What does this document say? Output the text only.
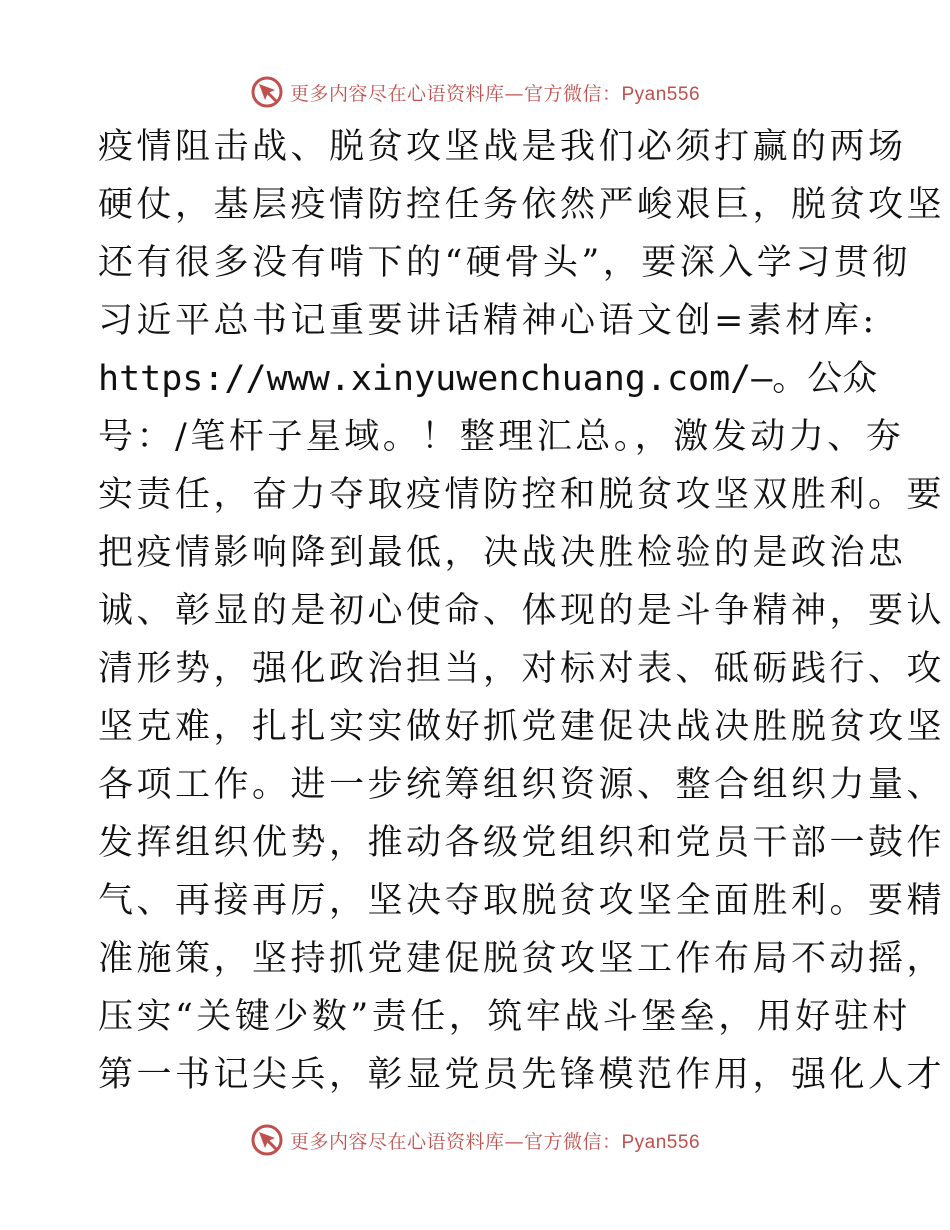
更多内容尽在心语资料库—官方微信：Pyan556
疫情阻击战、脱贫攻坚战是我们必须打赢的两场
硬仗，基层疫情防控任务依然严峻艰巨，脱贫攻坚
还有很多没有啃下的“硬骨头”，要深入学习贯彻
习近平总书记重要讲话精神心语文创=素材库:
https://www.xinyuwenchuang.com/—。公众
号：/笔杆子星域。！整理汇总。，激发动力、夯
实责任，奋力夺取疫情防控和脱贫攻坚双胜利。要
把疫情影响降到最低，决战决胜检验的是政治忠
诚、彰显的是初心使命、体现的是斗争精神，要认
清形势，强化政治担当，对标对表、砥砺践行、攻
坚克难，扎扎实实做好抓党建促决战决胜脱贫攻坚
各项工作。进一步统筹组织资源、整合组织力量、
发挥组织优势，推动各级党组织和党员干部一鼓作
气、再接再厉，坚决夺取脱贫攻坚全面胜利。要精
准施策，坚持抓党建促脱贫攻坚工作布局不动摇，
压实“关键少数”责任，筑牢战斗堡垒，用好驻村
第一书记尖兵，彰显党员先锋模范作用，强化人才
更多内容尽在心语资料库—官方微信：Pyan556
